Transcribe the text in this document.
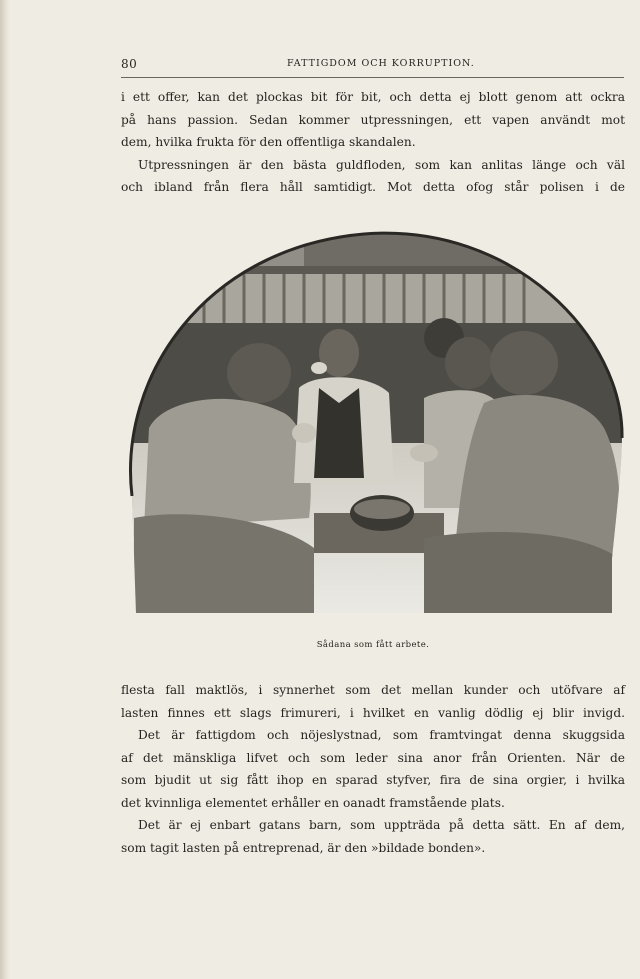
80	FATTIGDOM OCH KORRUPTION.
i ett offer, kan det plockas bit för bit, och detta ej blott genom att ockra
på hans passion. Sedan kommer utpressningen, ett vapen användt mot
dem, hvilka frukta för den offentliga skandalen.
Utpressningen är den bästa guldfloden, som kan anlitas länge och väl
och ibland från flera håll samtidigt. Mot detta ofog står polisen i de
Sådana som fått arbete.
flesta fall maktlös, i synnerhet som det mellan kunder och utöfvare af
lasten finnes ett slags frimureri, i hvilket en vanlig dödlig ej blir invigd.
Det är fattigdom och nöjeslystnad, som framtvingat denna skuggsida
af det mänskliga lifvet och som leder sina anor från Orienten. När de
som bjudit ut sig fått ihop en sparad styfver, fira de sina orgier, i hvilka
det kvinnliga elementet erhåller en oanadt framstående plats.
Det är ej enbart gatans barn, som uppträda på detta sätt. En af dem,
som tagit lasten på entreprenad, är den »bildade bonden».
